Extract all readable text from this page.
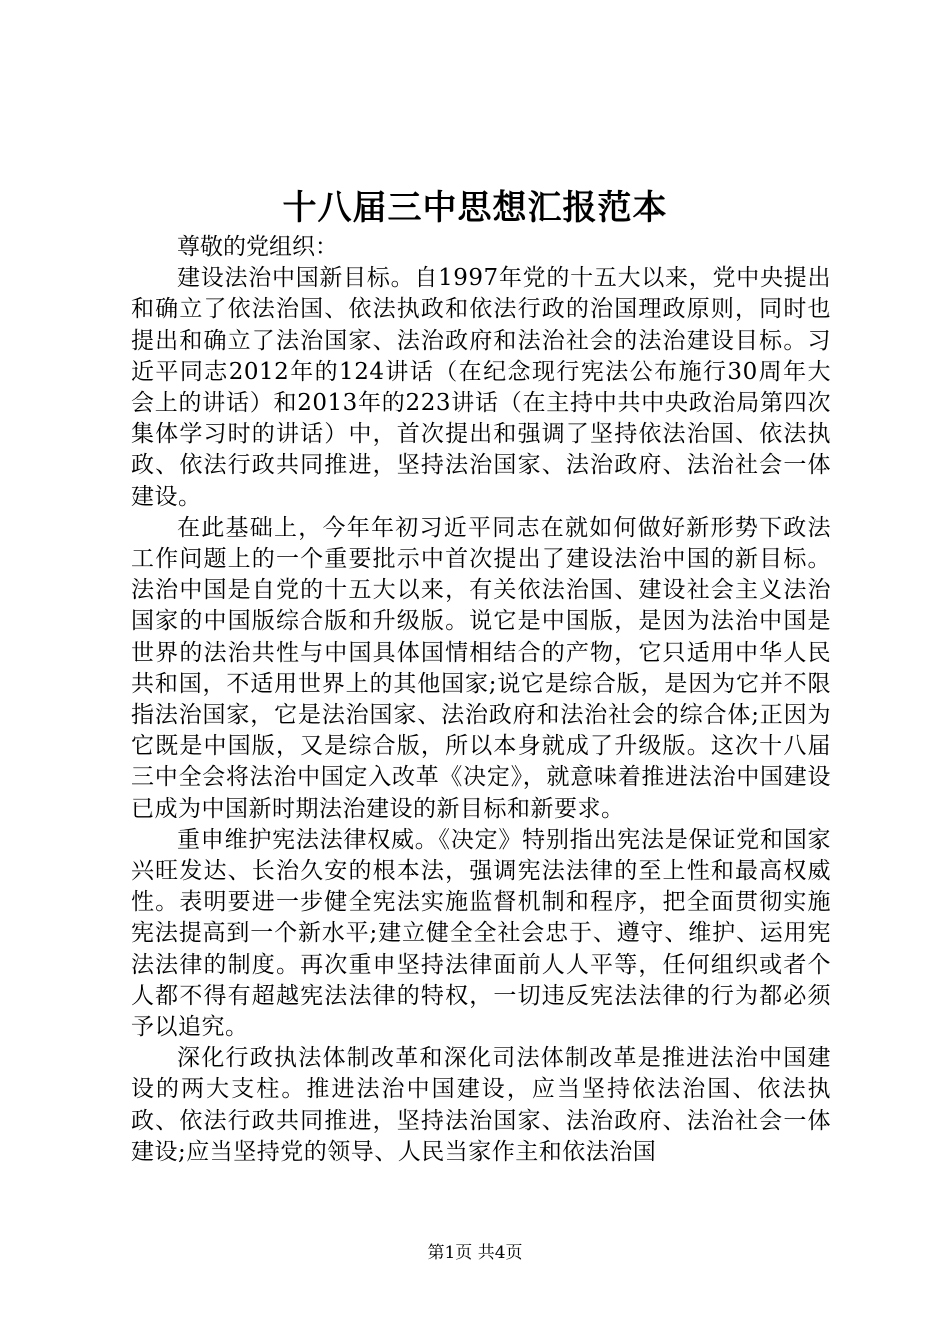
十八届三中思想汇报范本

尊敬的党组织：

建设法治中国新目标。自1997年党的十五大以来，党中央提出和确立了依法治国、依法执政和依法行政的治国理政原则，同时也提出和确立了法治国家、法治政府和法治社会的法治建设目标。习近平同志2012年的124讲话（在纪念现行宪法公布施行30周年大会上的讲话）和2013年的223讲话（在主持中共中央政治局第四次集体学习时的讲话）中，首次提出和强调了坚持依法治国、依法执政、依法行政共同推进，坚持法治国家、法治政府、法治社会一体建设。

在此基础上，今年年初习近平同志在就如何做好新形势下政法工作问题上的一个重要批示中首次提出了建设法治中国的新目标。法治中国是自党的十五大以来，有关依法治国、建设社会主义法治国家的中国版综合版和升级版。说它是中国版，是因为法治中国是世界的法治共性与中国具体国情相结合的产物，它只适用中华人民共和国，不适用世界上的其他国家;说它是综合版，是因为它并不限指法治国家，它是法治国家、法治政府和法治社会的综合体;正因为它既是中国版，又是综合版，所以本身就成了升级版。这次十八届三中全会将法治中国定入改革《决定》，就意味着推进法治中国建设已成为中国新时期法治建设的新目标和新要求。

重申维护宪法法律权威。《决定》特别指出宪法是保证党和国家兴旺发达、长治久安的根本法，强调宪法法律的至上性和最高权威性。表明要进一步健全宪法实施监督机制和程序，把全面贯彻实施宪法提高到一个新水平;建立健全全社会忠于、遵守、维护、运用宪法法律的制度。再次重申坚持法律面前人人平等，任何组织或者个人都不得有超越宪法法律的特权，一切违反宪法法律的行为都必须予以追究。

深化行政执法体制改革和深化司法体制改革是推进法治中国建设的两大支柱。推进法治中国建设，应当坚持依法治国、依法执政、依法行政共同推进，坚持法治国家、法治政府、法治社会一体建设;应当坚持党的领导、人民当家作主和依法治国

第1页 共4页
